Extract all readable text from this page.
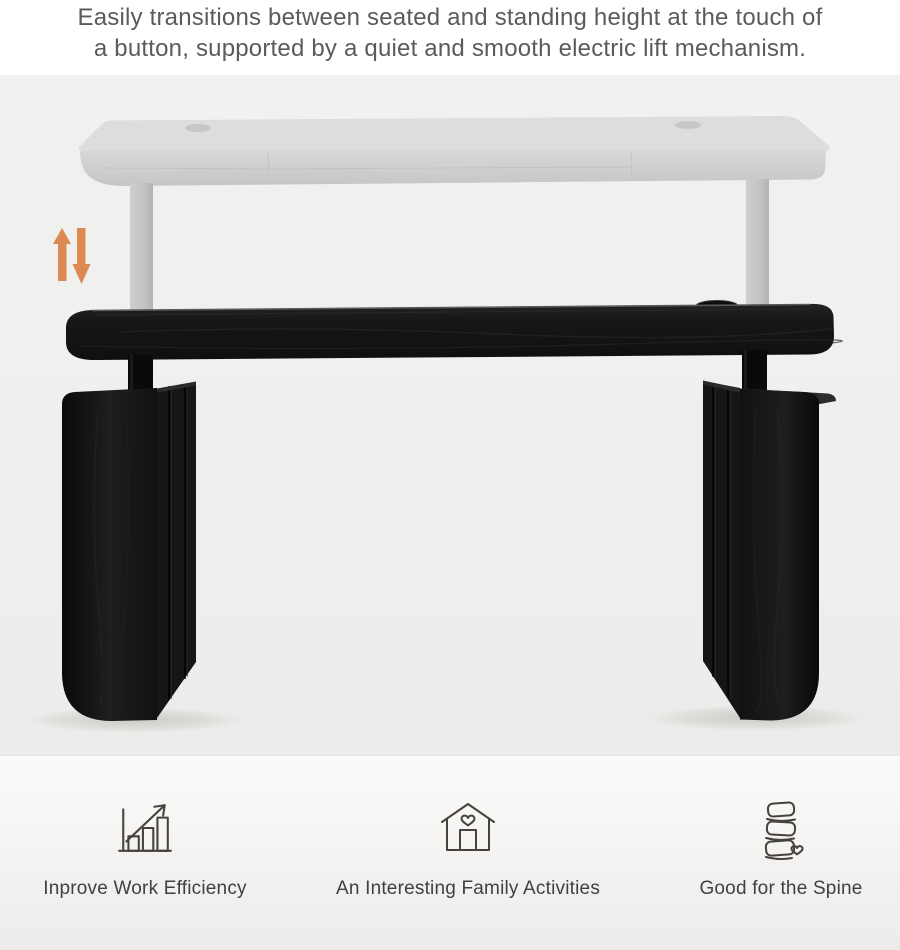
Easily transitions between seated and standing height at the touch of
a button, supported by a quiet and smooth electric lift mechanism.
Inprove Work Efficiency	An Interesting Family Activities	Good for the Spine
